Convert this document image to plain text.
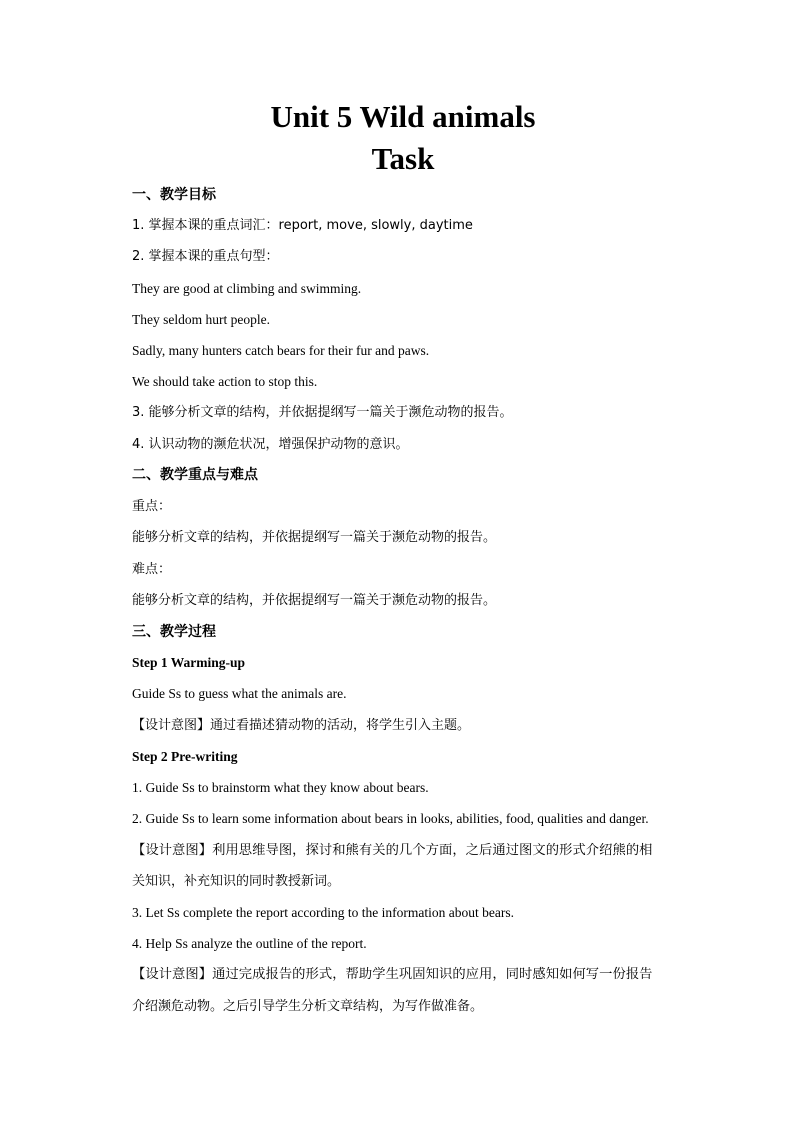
Unit 5 Wild animals
Task

一、教学目标

1. 掌握本课的重点词汇：report, move, slowly, daytime

2. 掌握本课的重点句型：

They are good at climbing and swimming.

They seldom hurt people.

Sadly, many hunters catch bears for their fur and paws.

We should take action to stop this.

3. 能够分析文章的结构，并依据提纲写一篇关于濒危动物的报告。

4. 认识动物的濒危状况，增强保护动物的意识。

二、教学重点与难点

重点：

能够分析文章的结构，并依据提纲写一篇关于濒危动物的报告。

难点：

能够分析文章的结构，并依据提纲写一篇关于濒危动物的报告。

三、教学过程

Step 1 Warming-up

Guide Ss to guess what the animals are.

【设计意图】通过看描述猜动物的活动，将学生引入主题。

Step 2 Pre-writing

1. Guide Ss to brainstorm what they know about bears.

2. Guide Ss to learn some information about bears in looks, abilities, food, qualities and danger.

【设计意图】利用思维导图，探讨和熊有关的几个方面，之后通过图文的形式介绍熊的相

关知识，补充知识的同时教授新词。

3. Let Ss complete the report according to the information about bears.

4. Help Ss analyze the outline of the report.

【设计意图】通过完成报告的形式，帮助学生巩固知识的应用，同时感知如何写一份报告

介绍濒危动物。之后引导学生分析文章结构，为写作做准备。
